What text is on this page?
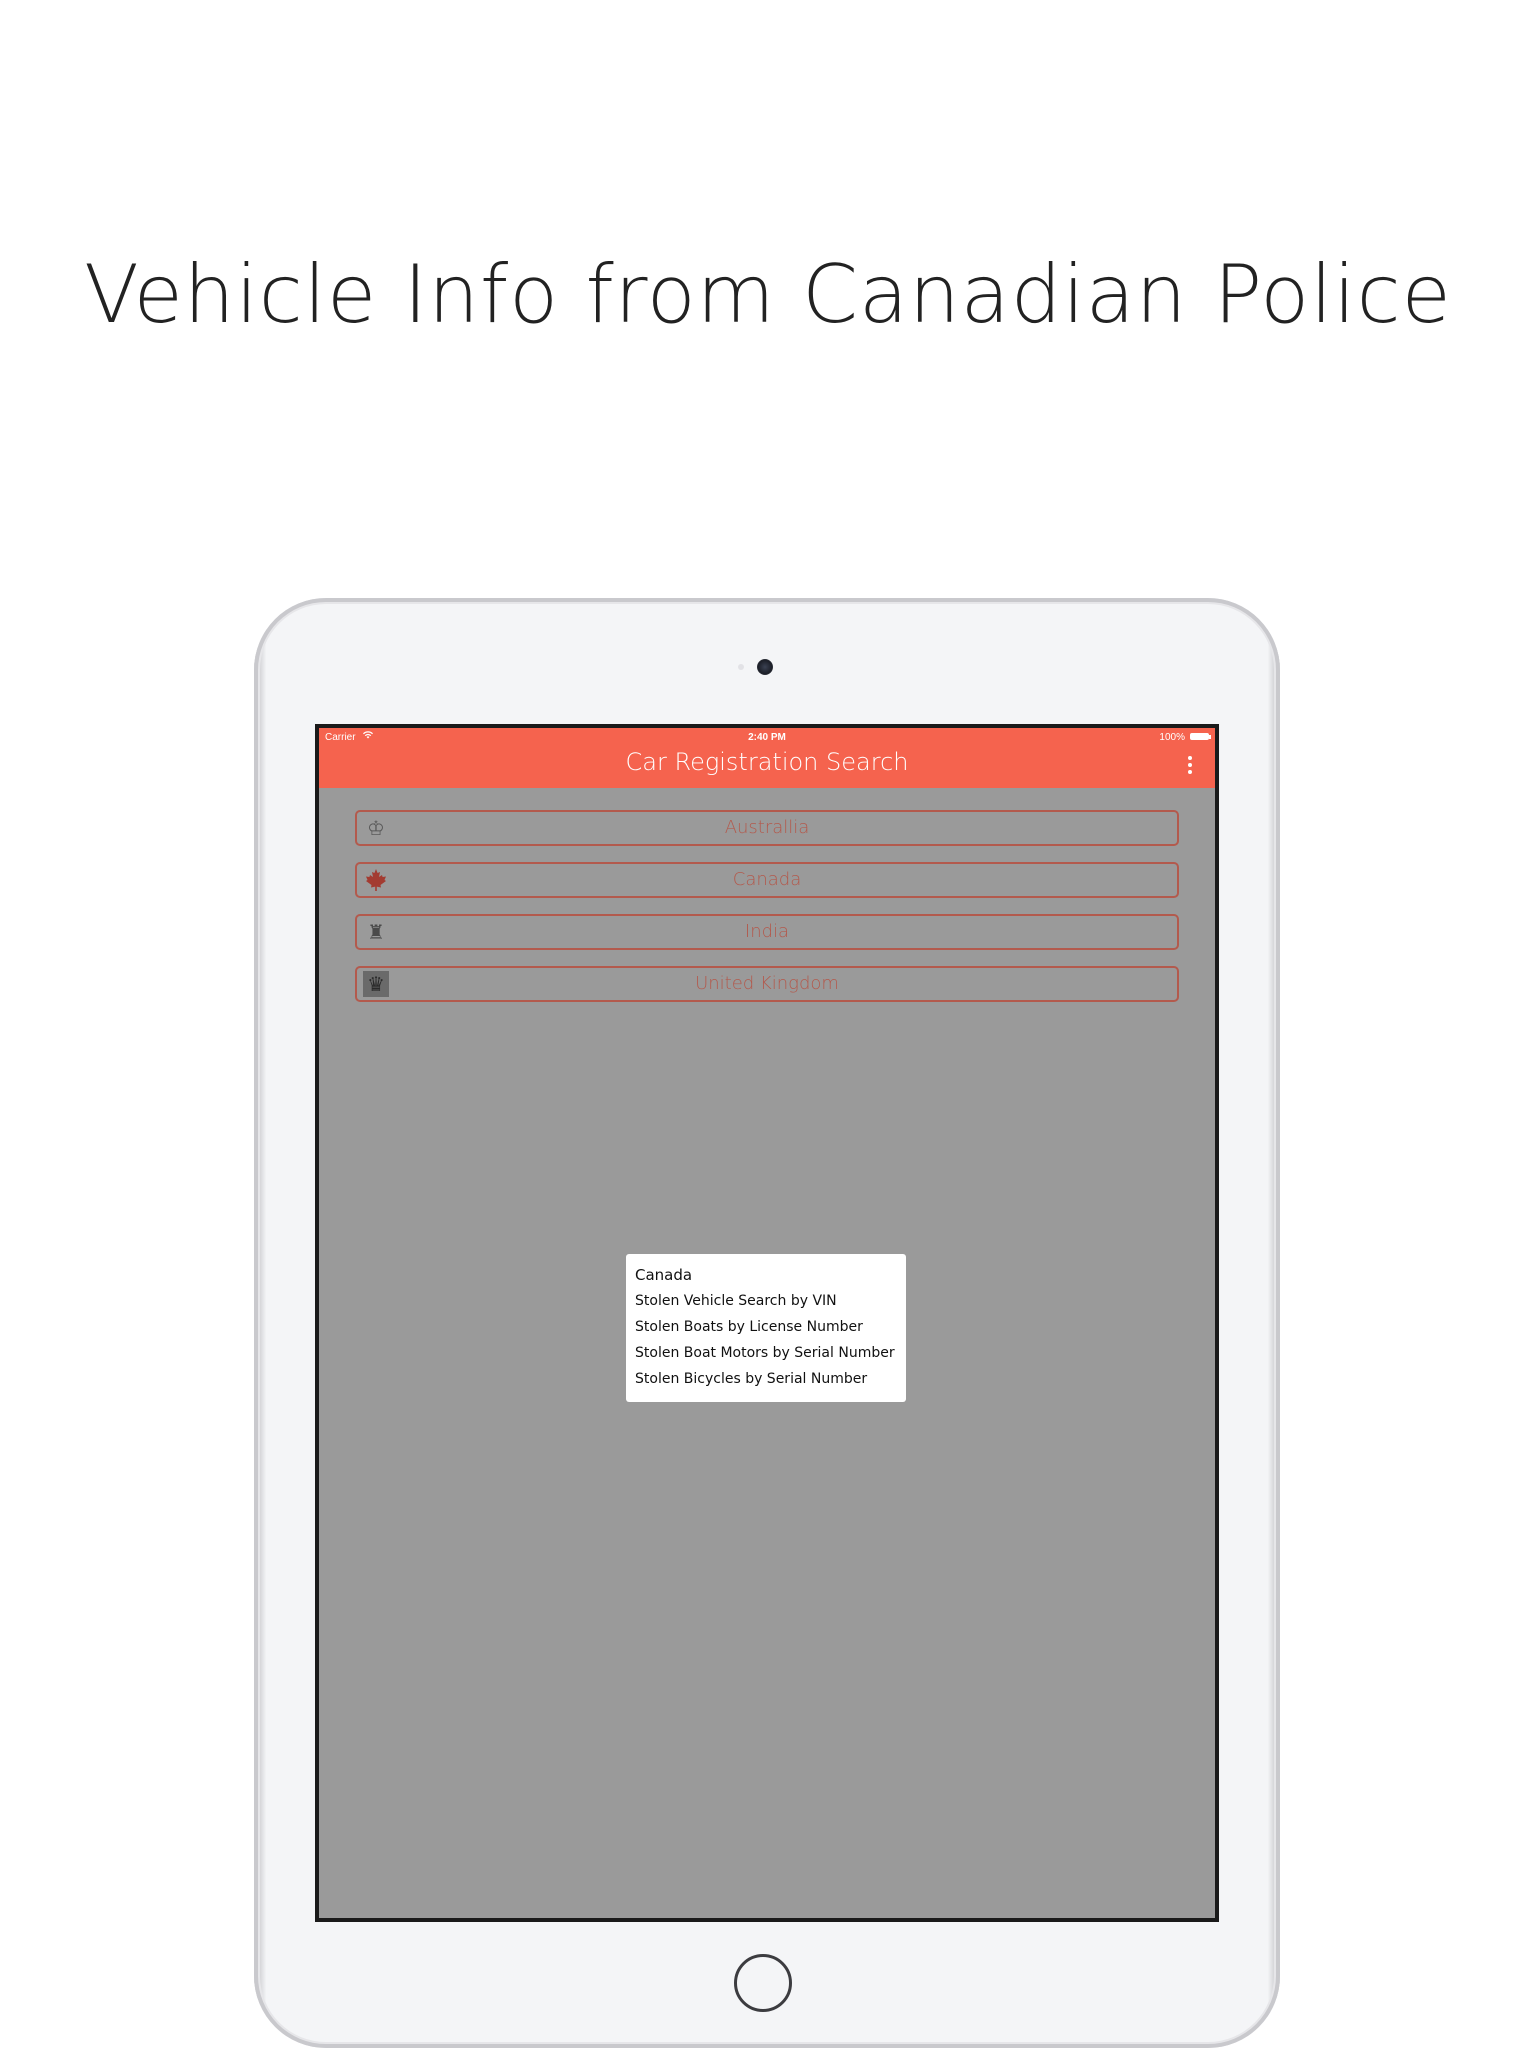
Vehicle Info from Canadian Police
Carrier	2:40 PM	100%
Car Registration Search
♔	Australlia
Canada
♜	India
♛	United Kingdom
Canada
Stolen Vehicle Search by VIN
Stolen Boats by License Number
Stolen Boat Motors by Serial Number
Stolen Bicycles by Serial Number
